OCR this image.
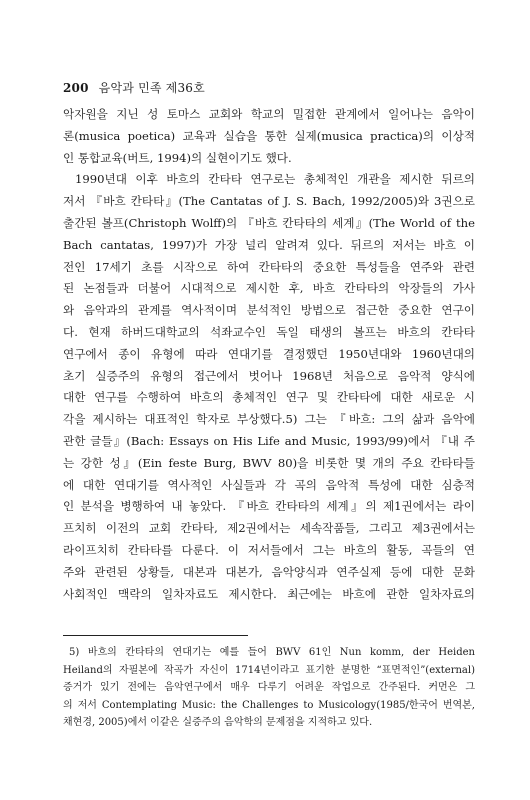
200 음악과 민족 제36호
악자원을 지닌 성 토마스 교회와 학교의 밀접한 관계에서 일어나는 음악이
론(musica poetica) 교육과 실습을 통한 실제(musica practica)의 이상적
인 통합교육(버트, 1994)의 실현이기도 했다.
1990년대 이후 바흐의 칸타타 연구로는 총체적인 개관을 제시한 뒤르의
저서 『바흐 칸타타』(The Cantatas of J. S. Bach, 1992/2005)와 3권으로
출간된 볼프(Christoph Wolff)의 『바흐 칸타타의 세계』(The World of the
Bach cantatas, 1997)가 가장 널리 알려져 있다. 뒤르의 저서는 바흐 이
전인 17세기 초를 시작으로 하여 칸타타의 중요한 특성들을 연주와 관련
된 논점들과 더불어 시대적으로 제시한 후, 바흐 칸타타의 악장들의 가사
와 음악과의 관계를 역사적이며 분석적인 방법으로 접근한 중요한 연구이
다. 현재 하버드대학교의 석좌교수인 독일 태생의 볼프는 바흐의 칸타타
연구에서 종이 유형에 따라 연대기를 결정했던 1950년대와 1960년대의
초기 실증주의 유형의 접근에서 벗어나 1968년 처음으로 음악적 양식에
대한 연구를 수행하여 바흐의 총체적인 연구 및 칸타타에 대한 새로운 시
각을 제시하는 대표적인 학자로 부상했다.5) 그는 『바흐: 그의 삶과 음악에
관한 글들』(Bach: Essays on His Life and Music, 1993/99)에서 『내 주
는 강한 성』(Ein feste Burg, BWV 80)을 비롯한 몇 개의 주요 칸타타들
에 대한 연대기를 역사적인 사실들과 각 곡의 음악적 특성에 대한 심층적
인 분석을 병행하여 내 놓았다. 『바흐 칸타타의 세계』의 제1권에서는 라이
프치히 이전의 교회 칸타타, 제2권에서는 세속작품들, 그리고 제3권에서는
라이프치히 칸타타를 다룬다. 이 저서들에서 그는 바흐의 활동, 곡들의 연
주와 관련된 상황들, 대본과 대본가, 음악양식과 연주실제 등에 대한 문화
사회적인 맥락의 일차자료도 제시한다. 최근에는 바흐에 관한 일차자료의
5) 바흐의 칸타타의 연대기는 예를 들어 BWV 61인 Nun komm, der Heiden
Heiland의 자필본에 작곡가 자신이 1714년이라고 표기한 분명한 “표면적인”(external)
증거가 있기 전에는 음악연구에서 매우 다루기 어려운 작업으로 간주된다. 커먼은 그
의 저서 Contemplating Music: the Challenges to Musicology(1985/한국어 번역본,
채현경, 2005)에서 이같은 실증주의 음악학의 문제점을 지적하고 있다.
